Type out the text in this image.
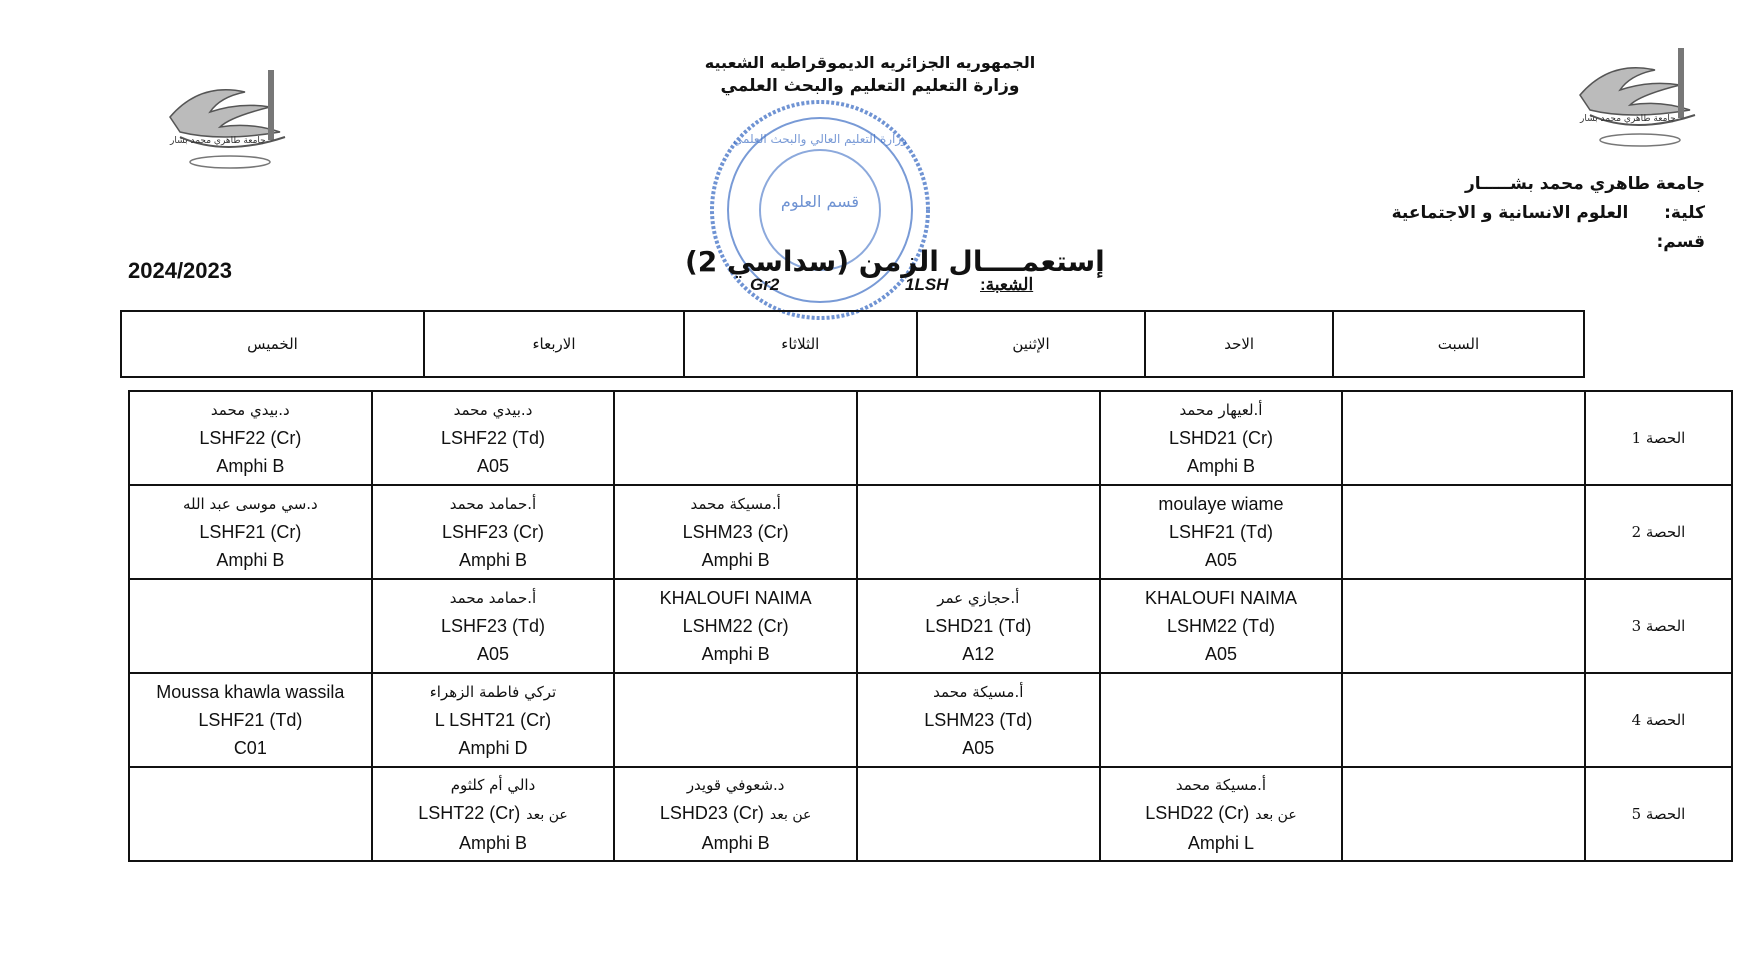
جامعة طاهري محمد بشار
جامعة طاهري محمد بشار
الجمهوريه الجزائريه الديموقراطيه الشعبيه
وزارة التعليم التعليم والبحث العلمي
قسم العلوم
وزارة التعليم العالي والبحث العلمي
جامعة طاهري محمد بشـــــار
كلية:  العلوم الانسانية و الاجتماعية
قسم:
2024/2023	إستعمــــال الزمن (سداسي 2)
Gr2	1LSH الشعبة:
الخميس	الاربعاء	الثلاثاء	الإثنين	الاحد	السبت
د.بيدي محمد
LSHF22 (Cr)
Amphi B	د.بيدي محمد
LSHF22 (Td)
A05			أ.لعيهار محمد
LSHD21 (Cr)
Amphi B		الحصة 1

د.سي موسى عبد الله
LSHF21 (Cr)
Amphi B	أ.حمامد محمد
LSHF23 (Cr)
Amphi B	أ.مسيكة محمد
LSHM23 (Cr)
Amphi B		moulaye wiame
LSHF21 (Td)
A05		الحصة 2

	أ.حمامد محمد
LSHF23 (Td)
A05	KHALOUFI NAIMA
LSHM22 (Cr)
Amphi B	أ.حجازي عمر
LSHD21 (Td)
A12	KHALOUFI NAIMA
LSHM22 (Td)
A05		الحصة 3

Moussa khawla wassila
LSHF21 (Td)
C01	تركي فاطمة الزهراء
L LSHT21 (Cr)
Amphi D		أ.مسيكة محمد
LSHM23 (Td)
A05			الحصة 4

	دالي أم كلثوم
LSHT22 (Cr) عن بعد
Amphi B	د.شعوفي قويدر
LSHD23 (Cr) عن بعد
Amphi B		أ.مسيكة محمد
LSHD22 (Cr) عن بعد
Amphi L		الحصة 5
